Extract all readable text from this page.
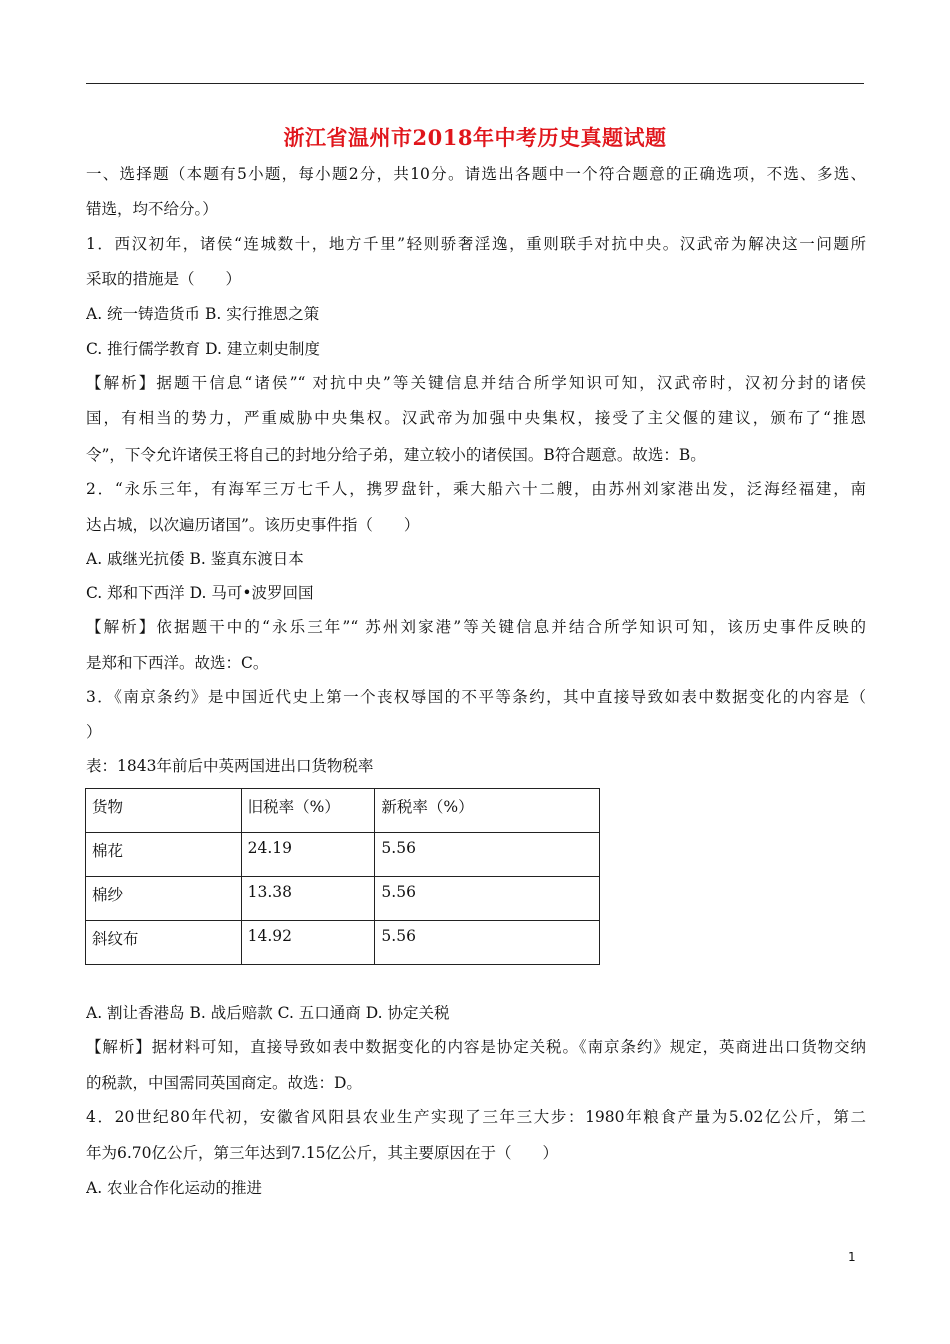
浙江省温州市2018年中考历史真题试题
一、选择题（本题有5小题，每小题2分，共10分。请选出各题中一个符合题意的正确选项，不选、多选、
错选，均不给分。）
1．西汉初年，诸侯“连城数十，地方千里”轻则骄奢淫逸，重则联手对抗中央。汉武帝为解决这一问题所
采取的措施是（　　）
A. 统一铸造货币 B. 实行推恩之策
C. 推行儒学教育 D. 建立刺史制度
【解析】据题干信息“诸侯”“ 对抗中央”等关键信息并结合所学知识可知，汉武帝时，汉初分封的诸侯
国，有相当的势力，严重威胁中央集权。汉武帝为加强中央集权，接受了主父偃的建议，颁布了“推恩
令”，下令允许诸侯王将自己的封地分给子弟，建立较小的诸侯国。B符合题意。故选：B。
2．“永乐三年，有海军三万七千人，携罗盘针，乘大船六十二艘，由苏州刘家港出发，泛海经福建，南
达占城，以次遍历诸国”。该历史事件指（　　）
A. 戚继光抗倭 B. 鉴真东渡日本
C. 郑和下西洋 D. 马可•波罗回国
【解析】依据题干中的“永乐三年”“ 苏州刘家港”等关键信息并结合所学知识可知，该历史事件反映的
是郑和下西洋。故选：C。
3．《南京条约》是中国近代史上第一个丧权辱国的不平等条约，其中直接导致如表中数据变化的内容是（
）
表：1843年前后中英两国进出口货物税率
货物	旧税率（%）	新税率（%）
棉花	24.19	5.56
棉纱	13.38	5.56
斜纹布	14.92	5.56
A. 割让香港岛 B. 战后赔款 C. 五口通商 D. 协定关税
【解析】据材料可知，直接导致如表中数据变化的内容是协定关税。《南京条约》规定，英商进出口货物交纳
的税款，中国需同英国商定。故选：D。
4．20世纪80年代初，安徽省风阳县农业生产实现了三年三大步：1980年粮食产量为5.02亿公斤，第二
年为6.70亿公斤，第三年达到7.15亿公斤，其主要原因在于（　　）
A. 农业合作化运动的推进
1
